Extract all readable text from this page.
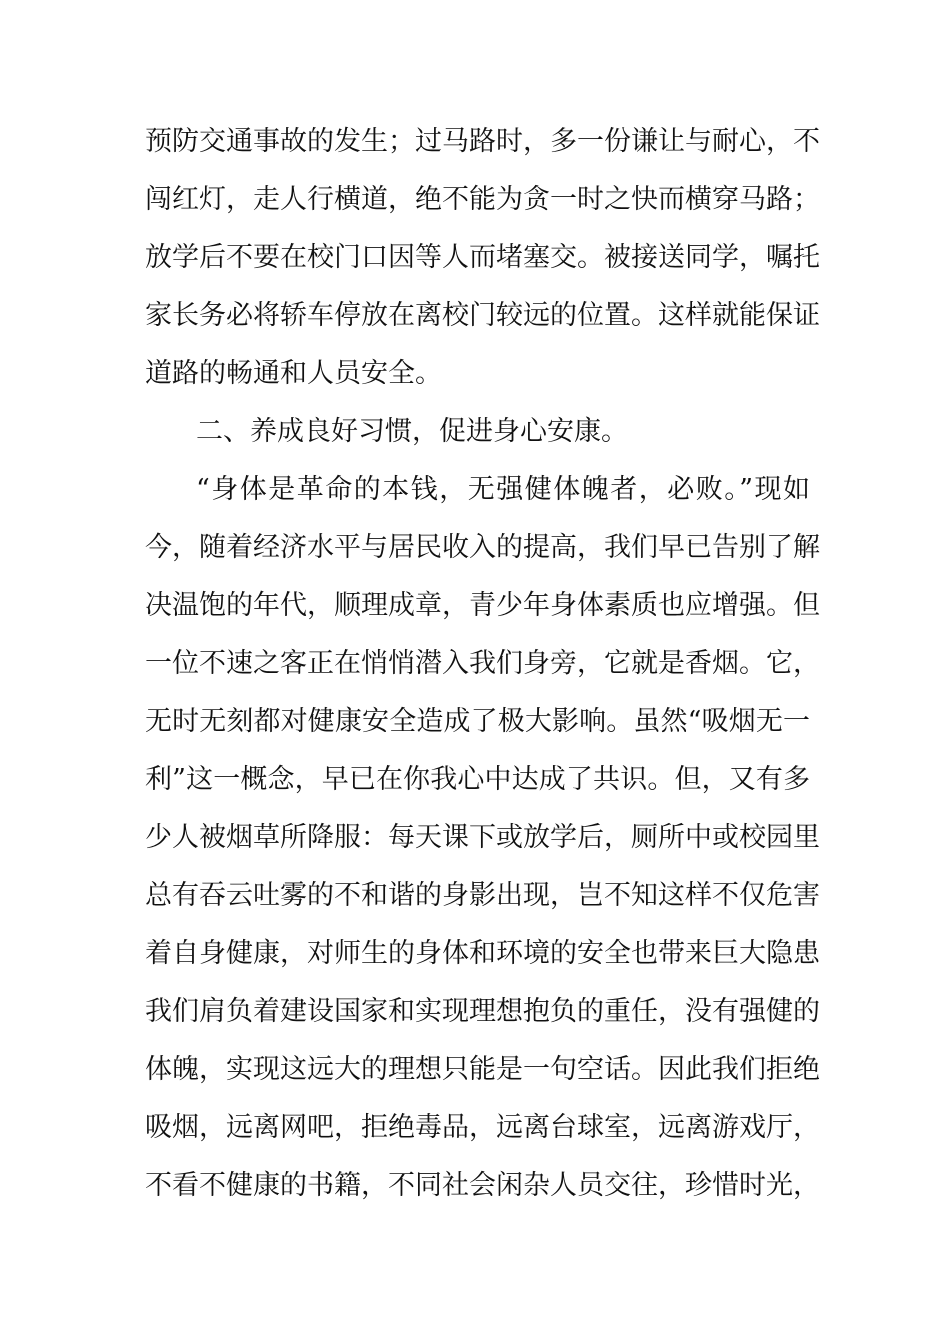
预防交通事故的发生；过马路时，多一份谦让与耐心，不

闯红灯，走人行横道，绝不能为贪一时之快而横穿马路；

放学后不要在校门口因等人而堵塞交。被接送同学，嘱托

家长务必将轿车停放在离校门较远的位置。这样就能保证

道路的畅通和人员安全。

二、养成良好习惯，促进身心安康。

“身体是革命的本钱，无强健体魄者，必败。”现如

今，随着经济水平与居民收入的提高，我们早已告别了解

决温饱的年代，顺理成章，青少年身体素质也应增强。但

一位不速之客正在悄悄潜入我们身旁，它就是香烟。它，

无时无刻都对健康安全造成了极大影响。虽然“吸烟无一

利”这一概念，早已在你我心中达成了共识。但，又有多

少人被烟草所降服：每天课下或放学后，厕所中或校园里

总有吞云吐雾的不和谐的身影出现，岂不知这样不仅危害

着自身健康，对师生的身体和环境的安全也带来巨大隐患

我们肩负着建设国家和实现理想抱负的重任，没有强健的

体魄，实现这远大的理想只能是一句空话。因此我们拒绝

吸烟，远离网吧，拒绝毒品，远离台球室，远离游戏厅，

不看不健康的书籍，不同社会闲杂人员交往，珍惜时光，
